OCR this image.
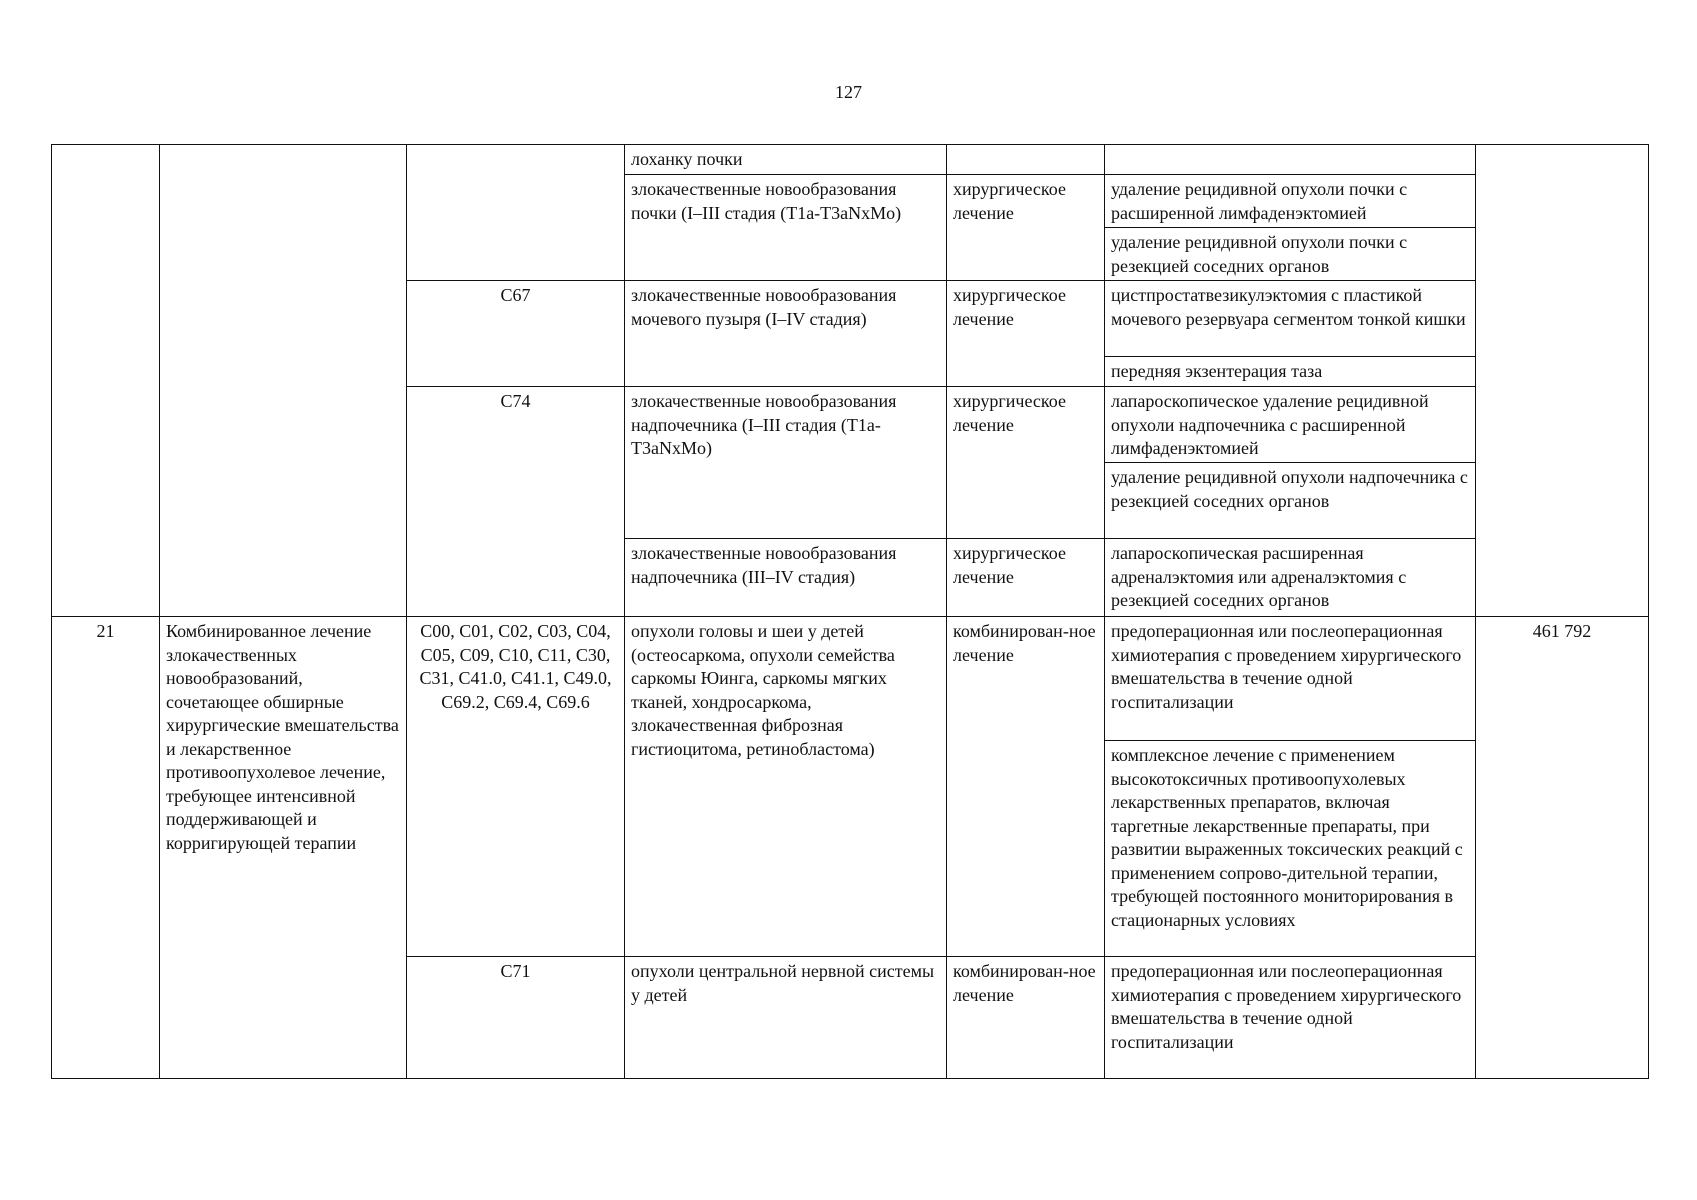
127
			лоханку почки			
			злокачественные новообразования почки (I–III стадия (T1a-T3aNxMo)	хирургическое лечение	удаление рецидивной опухоли почки с расширенной лимфаденэктомией	
					удаление рецидивной опухоли почки с резекцией соседних органов	
		C67	злокачественные новообразования мочевого пузыря (I–IV стадия)	хирургическое лечение	цистпростатвезикулэктомия с пластикой мочевого резервуара сегментом тонкой кишки	
					передняя экзентерация таза	
		C74	злокачественные новообразования надпочечника (I–III стадия (T1a-T3aNxMo)	хирургическое лечение	лапароскопическое удаление рецидивной опухоли надпочечника с расширенной лимфаденэктомией	
					удаление рецидивной опухоли надпочечника с резекцией соседних органов	
			злокачественные новообразования надпочечника (III–IV стадия)	хирургическое лечение	лапароскопическая расширенная адреналэктомия или адреналэктомия с резекцией соседних органов	

21	Комбинированное лечение злокачественных новообразований, сочетающее обширные хирургические вмешательства и лекарственное противоопухолевое лечение, требующее интенсивной поддерживающей и корригирующей терапии	C00, C01, C02, C03, C04, C05, C09, C10, C11, C30, C31, C41.0, C41.1, C49.0, C69.2, C69.4, C69.6	опухоли головы и шеи у детей (остеосаркома, опухоли семейства саркомы Юинга, саркомы мягких тканей, хондросаркома, злокачественная фиброзная гистиоцитома, ретинобластома)	комбинирован-ное лечение	предоперационная или послеоперационная химиотерапия с проведением хирургического вмешательства в течение одной госпитализации	461 792
					комплексное лечение с применением высокотоксичных противоопухолевых лекарственных препаратов, включая таргетные лекарственные препараты, при развитии выраженных токсических реакций с применением сопрово-дительной терапии, требующей постоянного мониторирования в стационарных условиях	
		C71	опухоли центральной нервной системы у детей	комбинирован-ное лечение	предоперационная или послеоперационная химиотерапия с проведением хирургического вмешательства в течение одной госпитализации	
